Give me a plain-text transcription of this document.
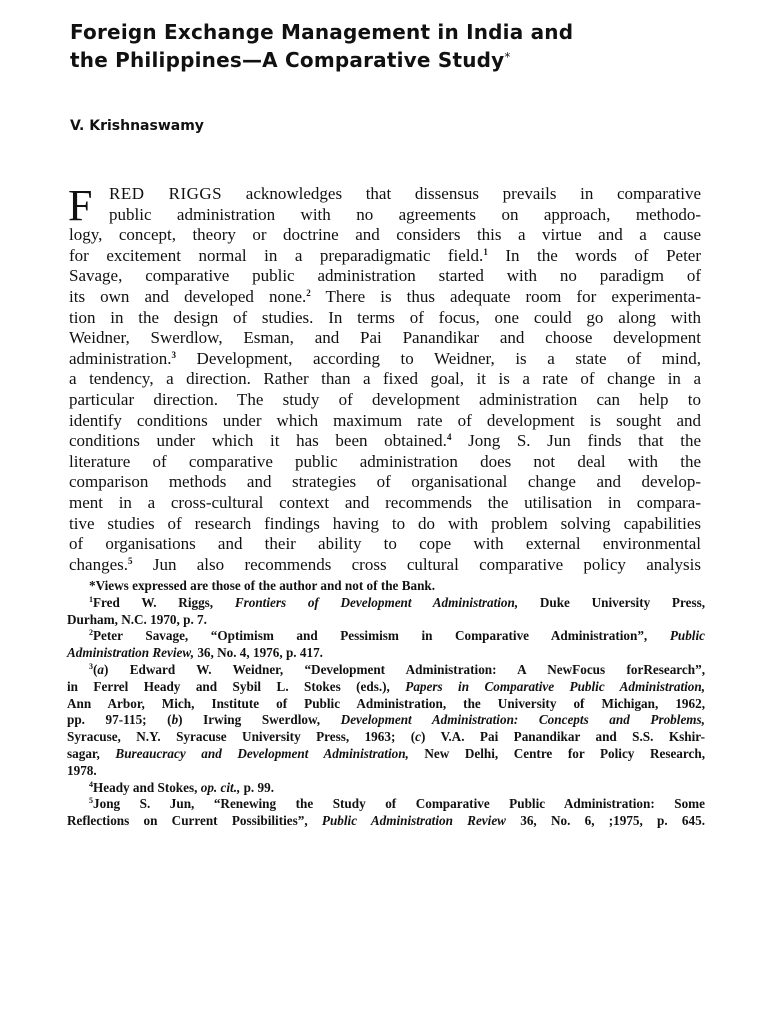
Foreign Exchange Management in India and
the Philippines—A Comparative Study*
V. Krishnaswamy
F RED RIGGS acknowledges that dissensus prevails in comparative
public administration with no agreements on approach, methodo-
logy, concept, theory or doctrine and considers this a virtue and a cause
for excitement normal in a preparadigmatic field.$^1$ In the words of Peter
Savage, comparative public administration started with no paradigm of
its own and developed none.$^2$ There is thus adequate room for experimenta-
tion in the design of studies. In terms of focus, one could go along with
Weidner, Swerdlow, Esman, and Pai Panandikar and choose development
administration.$^3$ Development, according to Weidner, is a state of mind,
a tendency, a direction. Rather than a fixed goal, it is a rate of change in a
particular direction. The study of development administration can help to
identify conditions under which maximum rate of development is sought and
conditions under which it has been obtained.$^4$ Jong S. Jun finds that the
literature of comparative public administration does not deal with the
comparison methods and strategies of organisational change and develop-
ment in a cross-cultural context and recommends the utilisation in compara-
tive studies of research findings having to do with problem solving capabilities
of organisations and their ability to cope with external environmental
changes.$^5$ Jun also recommends cross cultural comparative policy analysis
*Views expressed are those of the author and not of the Bank.
$^1$Fred W. Riggs, Frontiers of Development Administration, Duke University Press,
Durham, N.C. 1970, p. 7.
$^2$Peter Savage, “Optimism and Pessimism in Comparative Administration”, Public
Administration Review, 36, No. 4, 1976, p. 417.
$^3$(a) Edward W. Weidner, “Development Administration: A NewFocus forResearch”,
in Ferrel Heady and Sybil L. Stokes (eds.), Papers in Comparative Public Administration,
Ann Arbor, Mich, Institute of Public Administration, the University of Michigan, 1962,
pp. 97-115; (b) Irwing Swerdlow, Development Administration: Concepts and Problems,
Syracuse, N.Y. Syracuse University Press, 1963; (c) V.A. Pai Panandikar and S.S. Kshir-
sagar, Bureaucracy and Development Administration, New Delhi, Centre for Policy Research,
1978.
$^4$Heady and Stokes, op. cit., p. 99.
$^5$Jong S. Jun, “Renewing the Study of Comparative Public Administration: Some
Reflections on Current Possibilities”, Public Administration Review 36, No. 6, ;1975, p. 645.
